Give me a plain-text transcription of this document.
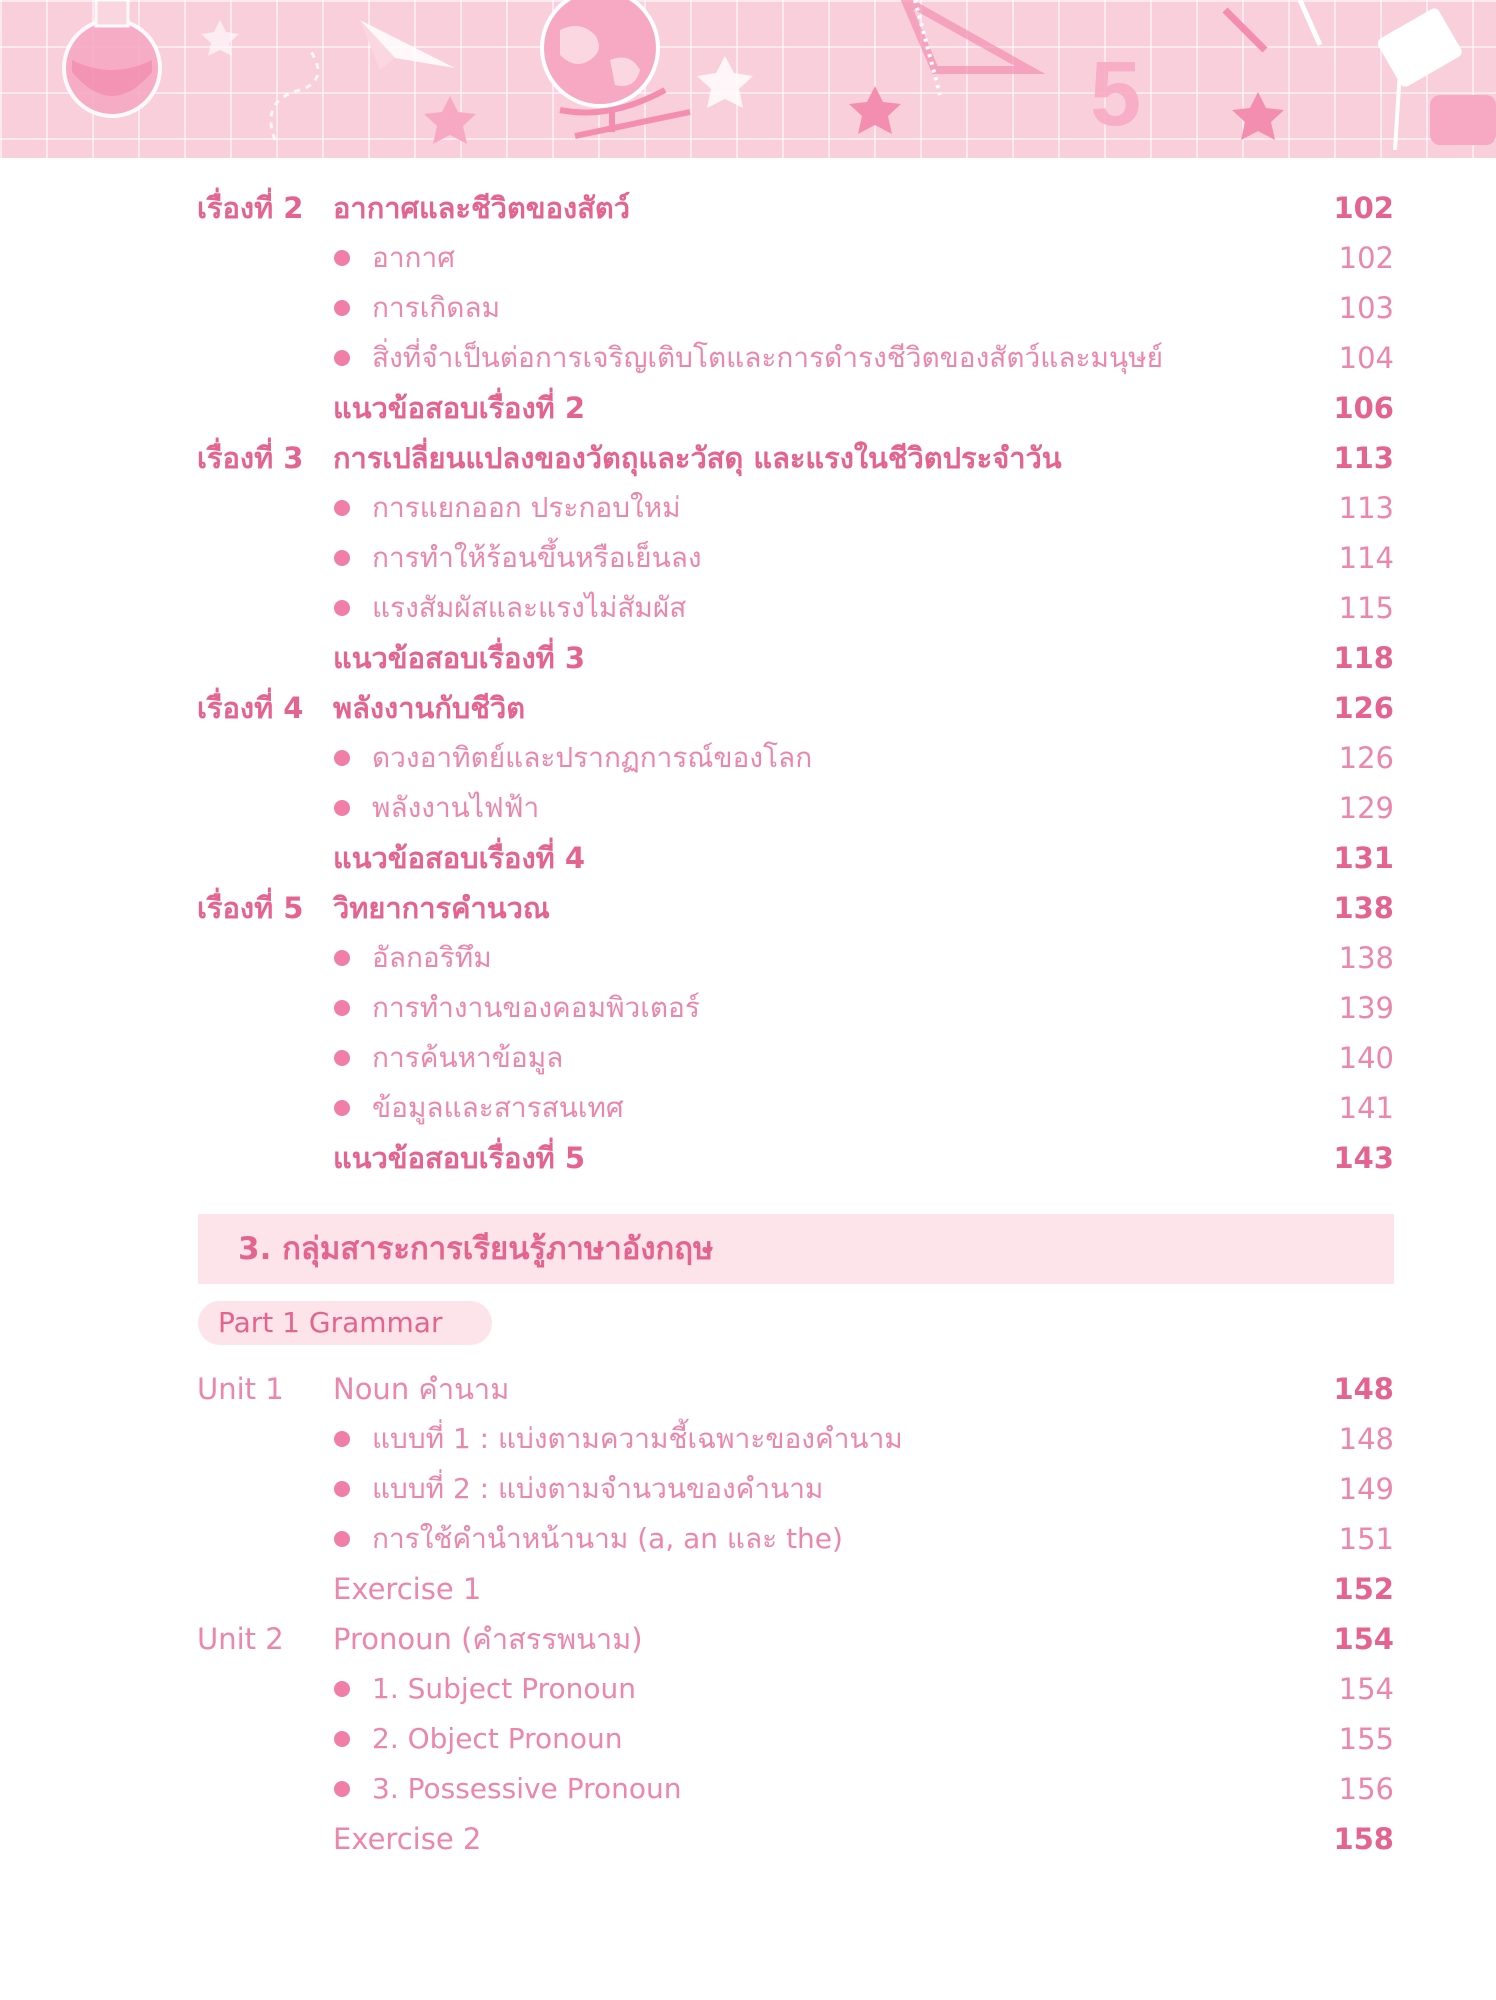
5
เรื่องที่ 2 อากาศและชีวิตของสัตว์	102
อากาศ	102
การเกิดลม	103
สิ่งที่จำเป็นต่อการเจริญเติบโตและการดำรงชีวิตของสัตว์และมนุษย์	104
แนวข้อสอบเรื่องที่ 2	106
เรื่องที่ 3 การเปลี่ยนแปลงของวัตถุและวัสดุ และแรงในชีวิตประจำวัน	113
การแยกออก ประกอบใหม่	113
การทำให้ร้อนขึ้นหรือเย็นลง	114
แรงสัมผัสและแรงไม่สัมผัส	115
แนวข้อสอบเรื่องที่ 3	118
เรื่องที่ 4 พลังงานกับชีวิต	126
ดวงอาทิตย์และปรากฏการณ์ของโลก	126
พลังงานไฟฟ้า	129
แนวข้อสอบเรื่องที่ 4	131
เรื่องที่ 5 วิทยาการคำนวณ	138
อัลกอริทึม	138
การทำงานของคอมพิวเตอร์	139
การค้นหาข้อมูล	140
ข้อมูลและสารสนเทศ	141
แนวข้อสอบเรื่องที่ 5	143
3. กลุ่มสาระการเรียนรู้ภาษาอังกฤษ
Part 1 Grammar
Unit 1 Noun คำนาม	148
แบบที่ 1 : แบ่งตามความชี้เฉพาะของคำนาม	148
แบบที่ 2 : แบ่งตามจำนวนของคำนาม	149
การใช้คำนำหน้านาม (a, an และ the)	151
Exercise 1	152
Unit 2 Pronoun (คำสรรพนาม)	154
1. Subject Pronoun	154
2. Object Pronoun	155
3. Possessive Pronoun	156
Exercise 2	158
